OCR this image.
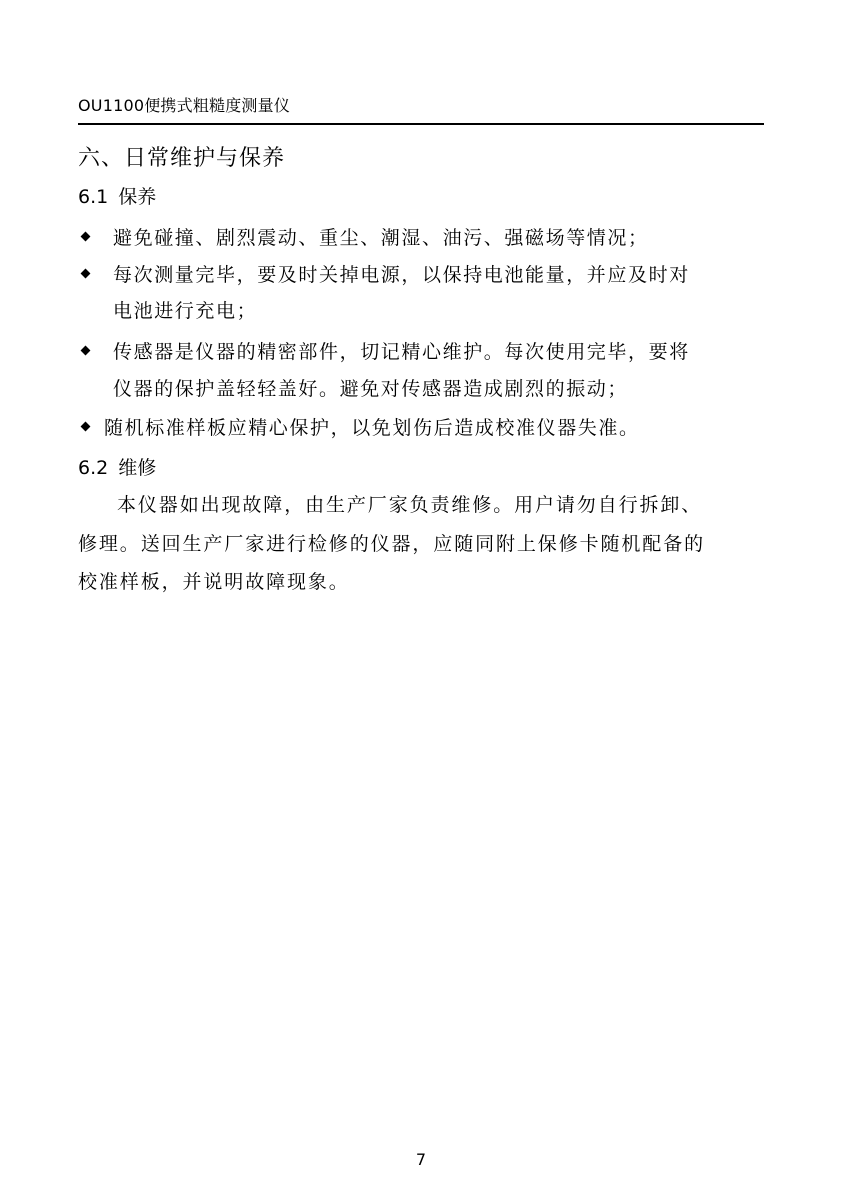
OU1100便携式粗糙度测量仪
六、日常维护与保养
6.1 保养
避免碰撞、剧烈震动、重尘、潮湿、油污、强磁场等情况；
每次测量完毕，要及时关掉电源，以保持电池能量，并应及时对
电池进行充电；
传感器是仪器的精密部件，切记精心维护。每次使用完毕，要将
仪器的保护盖轻轻盖好。避免对传感器造成剧烈的振动；
随机标准样板应精心保护，以免划伤后造成校准仪器失准。
6.2 维修
本仪器如出现故障，由生产厂家负责维修。用户请勿自行拆卸、
修理。送回生产厂家进行检修的仪器，应随同附上保修卡随机配备的
校准样板，并说明故障现象。
7
